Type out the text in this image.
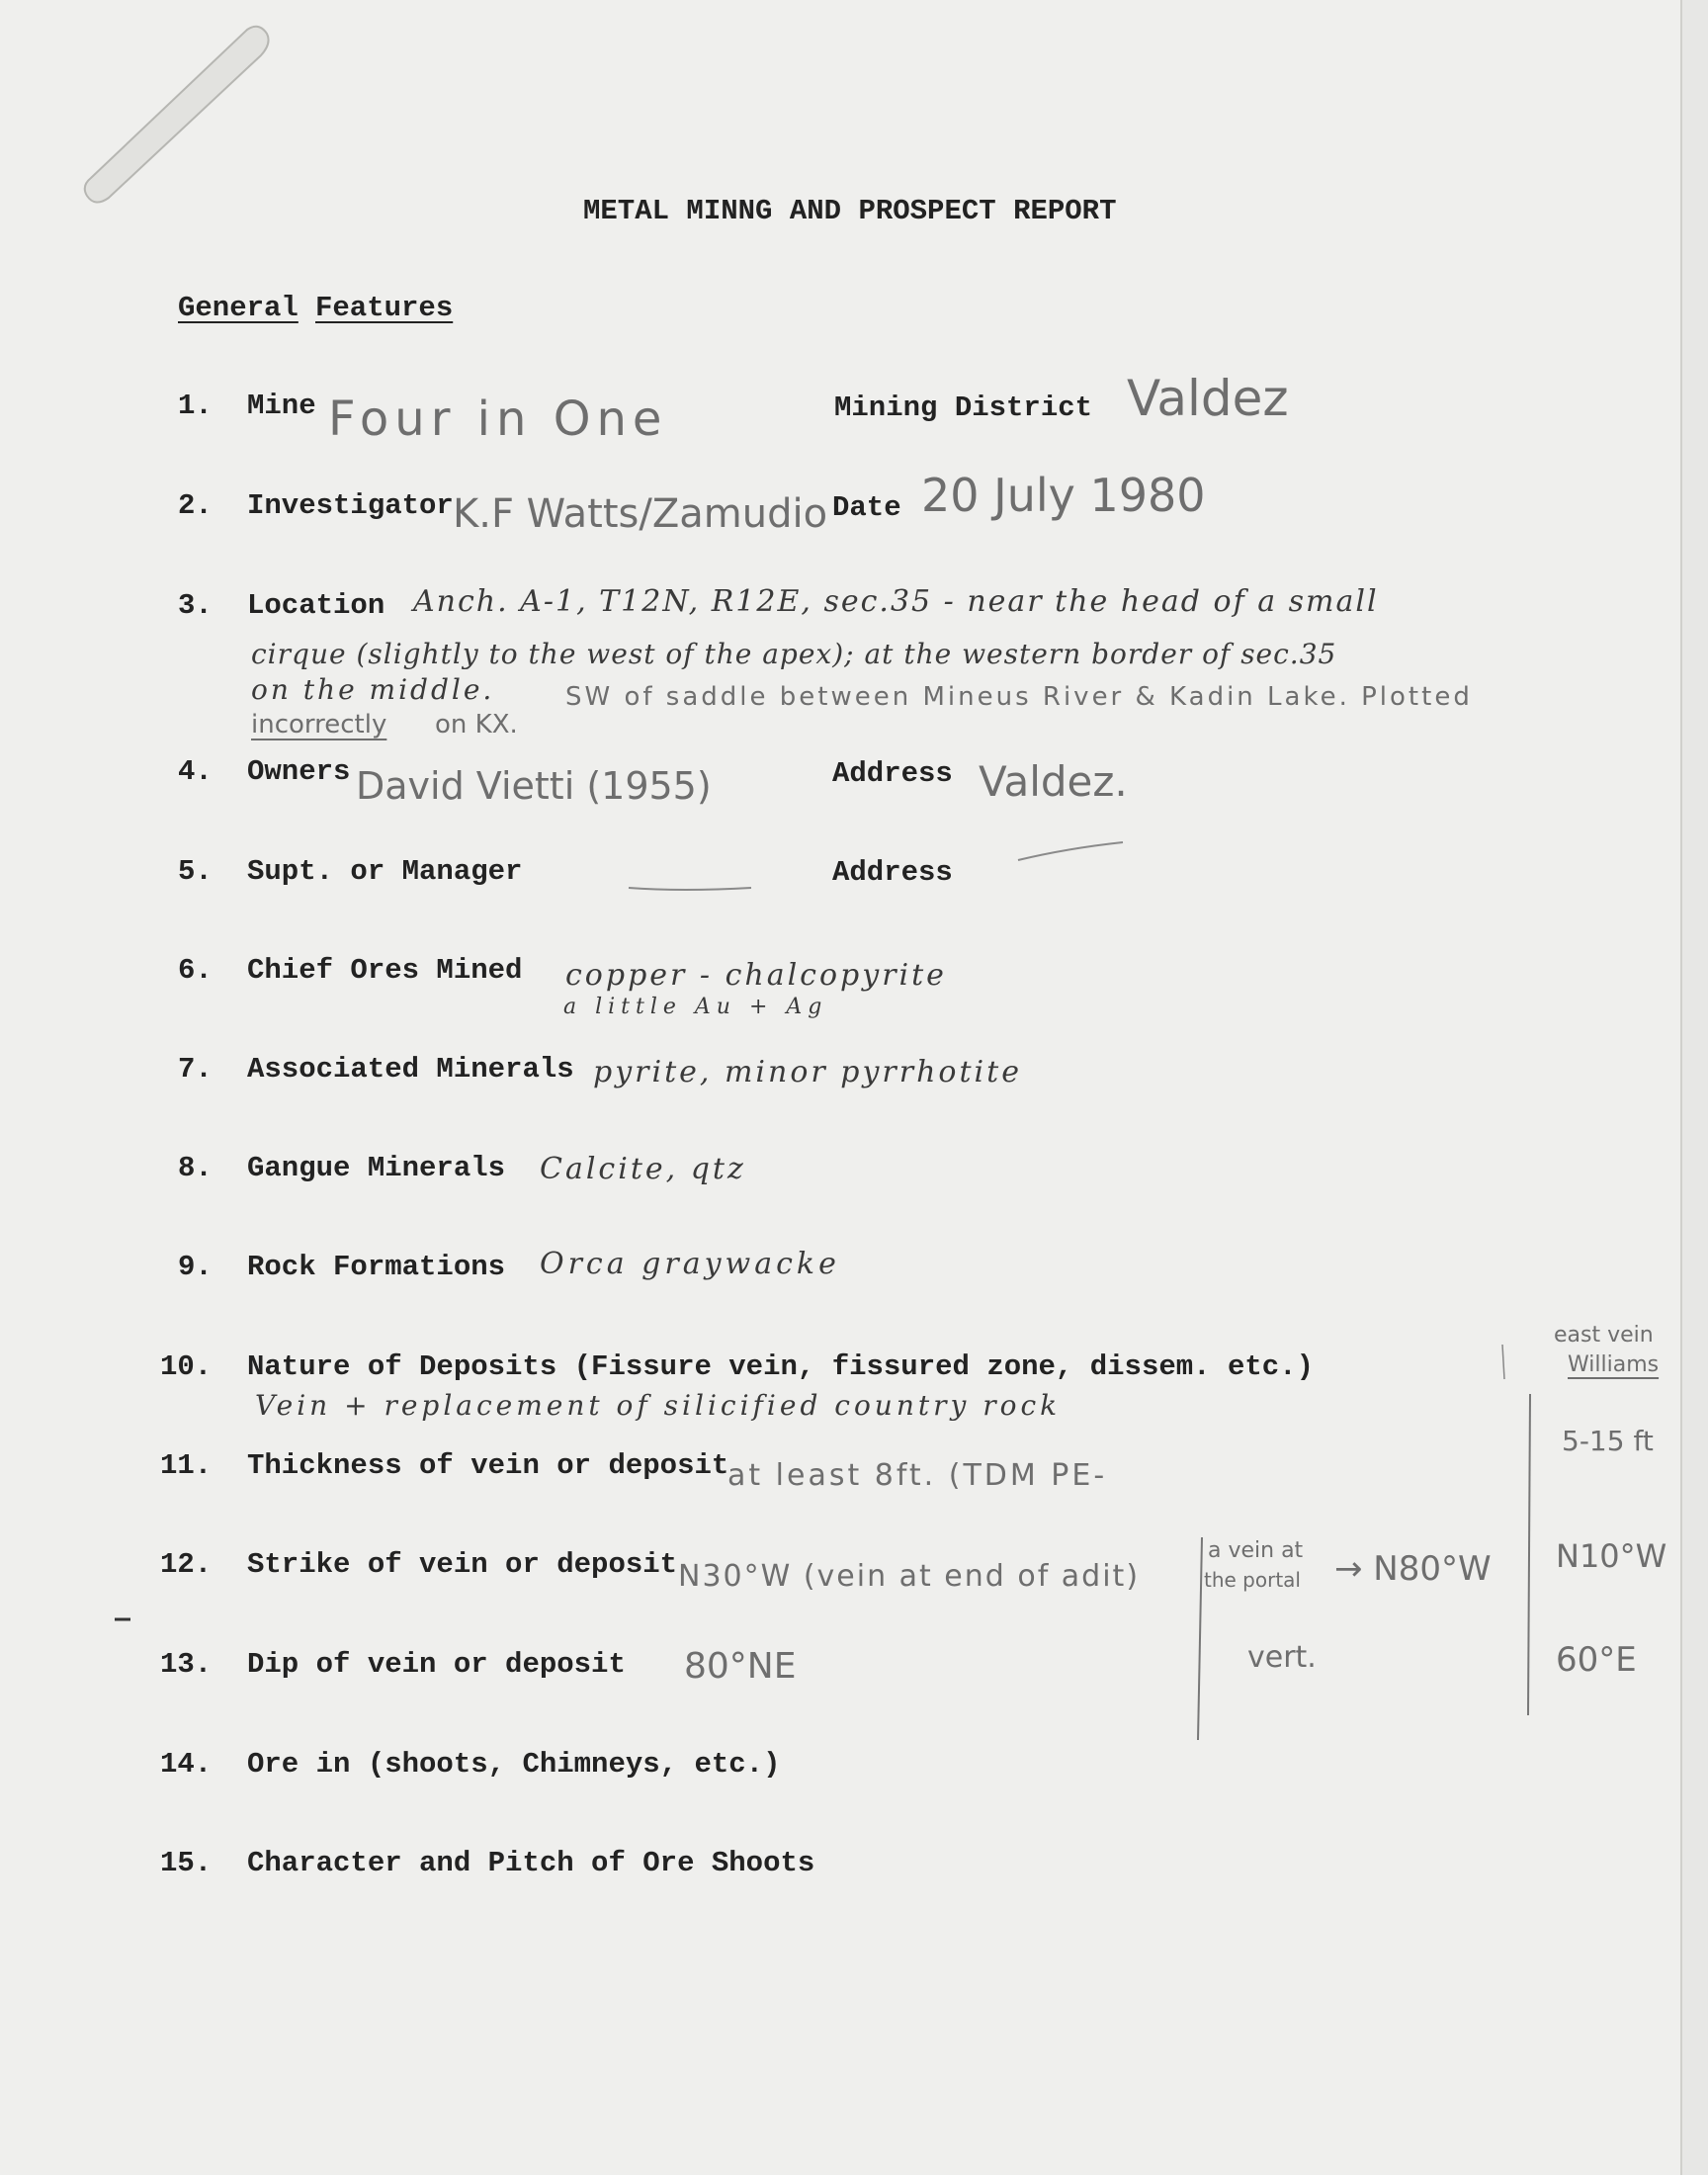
METAL MINNG AND PROSPECT REPORT
General Features
1. Mine Four in One	Mining District Valdez
2. Investigator K.F Watts/Zamudio Date 20 July 1980
3. Location Anch. A-1, T12N, R12E, sec.35 - near the head of a small
cirque (slightly to the west of the apex); at the western border of sec.35
on the middle.	SW of saddle between Mineus River & Kadin Lake. Plotted
incorrectly on KX.
4. Owners David Vietti (1955)	Address Valdez.
5. Supt. or Manager	Address
6. Chief Ores Mined copper - chalcopyrite
a little Au + Ag
7. Associated Minerals pyrite, minor pyrrhotite
8. Gangue Minerals Calcite, qtz
9. Rock Formations Orca graywacke
10. Nature of Deposits (Fissure vein, fissured zone, dissem. etc.)
Vein + replacement of silicified country rock
11. Thickness of vein or deposit
at least 8ft. (TDM PE-
12. Strike of vein or deposit N30°W (vein at end of adit)
13. Dip of vein or deposit 80°NE
14. Ore in (shoots, Chimneys, etc.)
15. Character and Pitch of Ore Shoots
a vein at
the portal → N80°W
vert.
east vein
Williams
5-15 ft
N10°W
60°E
